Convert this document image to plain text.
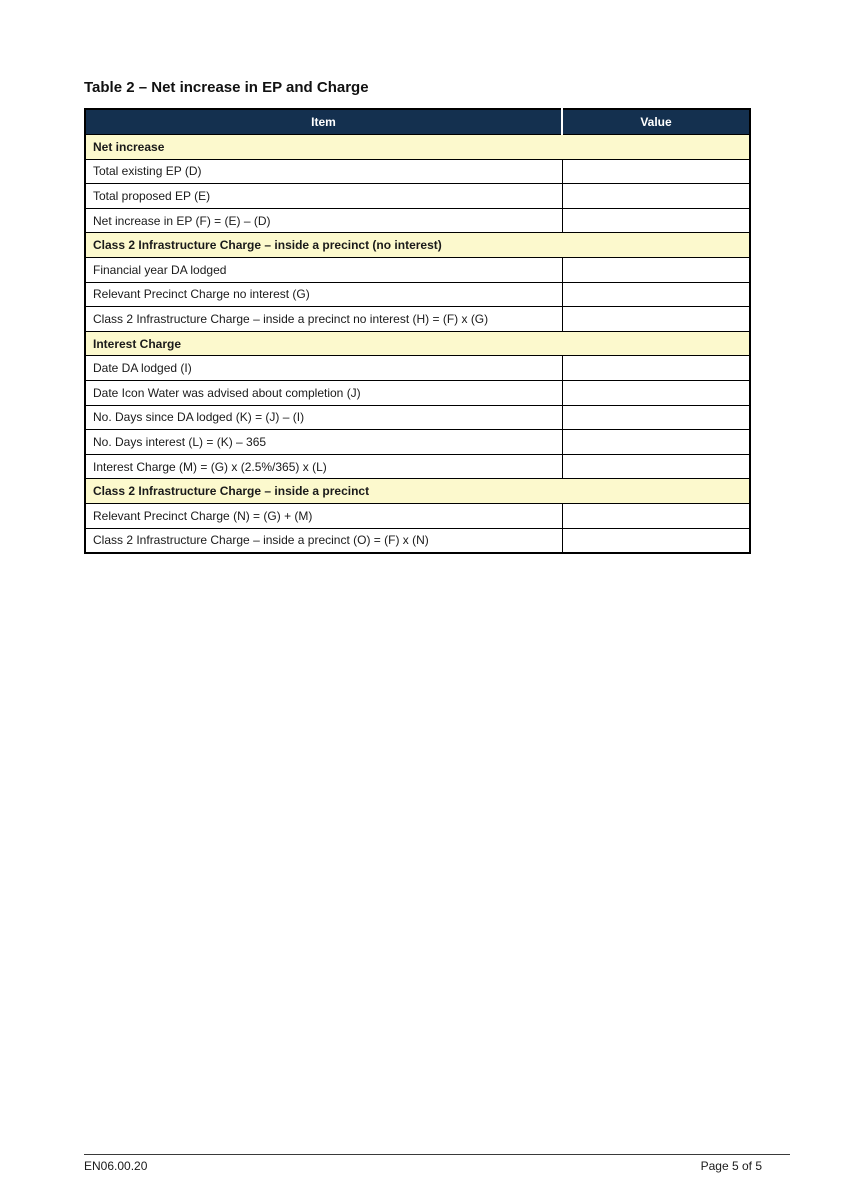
Table 2 – Net increase in EP and Charge
Item	Value
Net increase	
Total existing EP (D)	
Total proposed EP (E)	
Net increase in EP (F) = (E) – (D)	
Class 2 Infrastructure Charge – inside a precinct (no interest)	
Financial year DA lodged	
Relevant Precinct Charge no interest (G)	
Class 2 Infrastructure Charge – inside a precinct no interest (H) = (F) x (G)	
Interest Charge	
Date DA lodged (I)	
Date Icon Water was advised about completion (J)	
No. Days since DA lodged (K) = (J) – (I)	
No. Days interest (L) = (K) – 365	
Interest Charge (M) = (G) x (2.5%/365) x (L)	
Class 2 Infrastructure Charge – inside a precinct	
Relevant Precinct Charge (N) = (G) + (M)	
Class 2 Infrastructure Charge – inside a precinct (O) = (F) x (N)	
EN06.00.20	Page 5 of 5
